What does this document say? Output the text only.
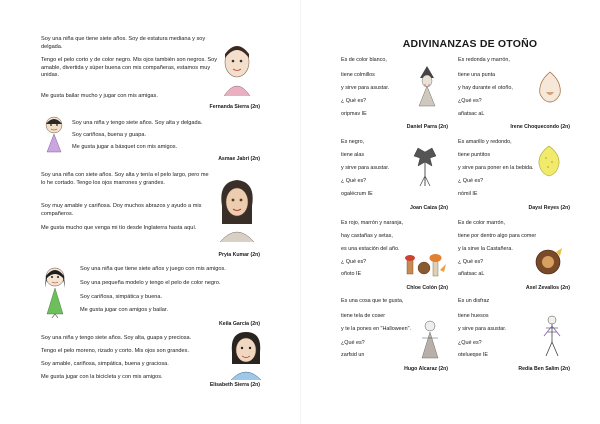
Soy una niña que tiene siete años. Soy de estatura mediana y soy delgada.

Tengo el pelo corto y de color negro. Mis ojos también son negros. Soy amable, divertida y súper buena con mis compañeras, estamos muy unidas.

Me gusta bailar mucho y jugar con mis amigas.

Fernanda Sierra (2n)

Soy una niña y tengo siete años. Soy alta y delgada.

Soy cariñosa, buena y guapa.

Me gusta jugar a básquet con mis amigos.

Asmae Jabri (2n)

Soy una niña con siete años. Soy alta y tenía el pelo largo, pero me lo he cortado. Tengo los ojos marrones y grandes.

Soy muy amable y cariñosa. Doy muchos abrazos y ayudo a mis compañeros.

Me gusta mucho que venga mi tío desde Inglaterra hasta aquí.

Pryia Kumar (2n)

Soy una niña que tiene siete años y juego con mis amigos.

Soy una pequeña modelo y tengo el pelo de color negro.

Soy cariñosa, simpática y buena.

Me gusta jugar con amigos y bailar.

Keila Garcia (2n)

Soy una niña y tengo siete años. Soy alta, guapa y preciosa.

Tengo el pelo moreno, rizado y corto. Mis ojos son grandes.

Soy amable, cariñosa, simpática, buena y graciosa.

Me gusta jugar con la bicicleta y con mis amigos.

Elisabeth Sierra (2n)
ADIVINANZAS DE OTOÑO
Es de color blanco,
tiene colmillos
y sirve para asustar.
¿ Qué es?
oripmav IE
Daniel Parra (2n)
Es redonda y marrón,
tiene una punta
y hay durante el otoño,
¿Qué es?
añatsac aL
Irene Choquecondo (2n)
Es negro,
tiene alas
y sirve para asustar.
¿ Qué es?
ogalécrum IE
Joan Caiza (2n)
Es amarillo y redondo,
tiene puntitos
y sirve para poner en la bebida.
¿ Qué es?
nómil IE
Daysi Reyes (2n)
Es rojo, marrón y naranja,
hay castañas y setas,
es una estación del año.
¿ Qué es?
oñoto IE
Chloe Colón (2n)
Es de color marrón,
tiene por dentro algo para comer
y la sirve la Castañera.
¿ Qué es?
añatsac aL
Axel Zevallos (2n)
Es una cosa que te gusta,
tiene tela de coser
y te la pones en "Halloween".
¿Qué es?
zarfsid un
Hugo Alcaraz (2n)
Es un disfraz
tiene huesos
y sirve para asustar.
¿Qué es?
otelueqse IE
Redia Ben Salim (2n)
